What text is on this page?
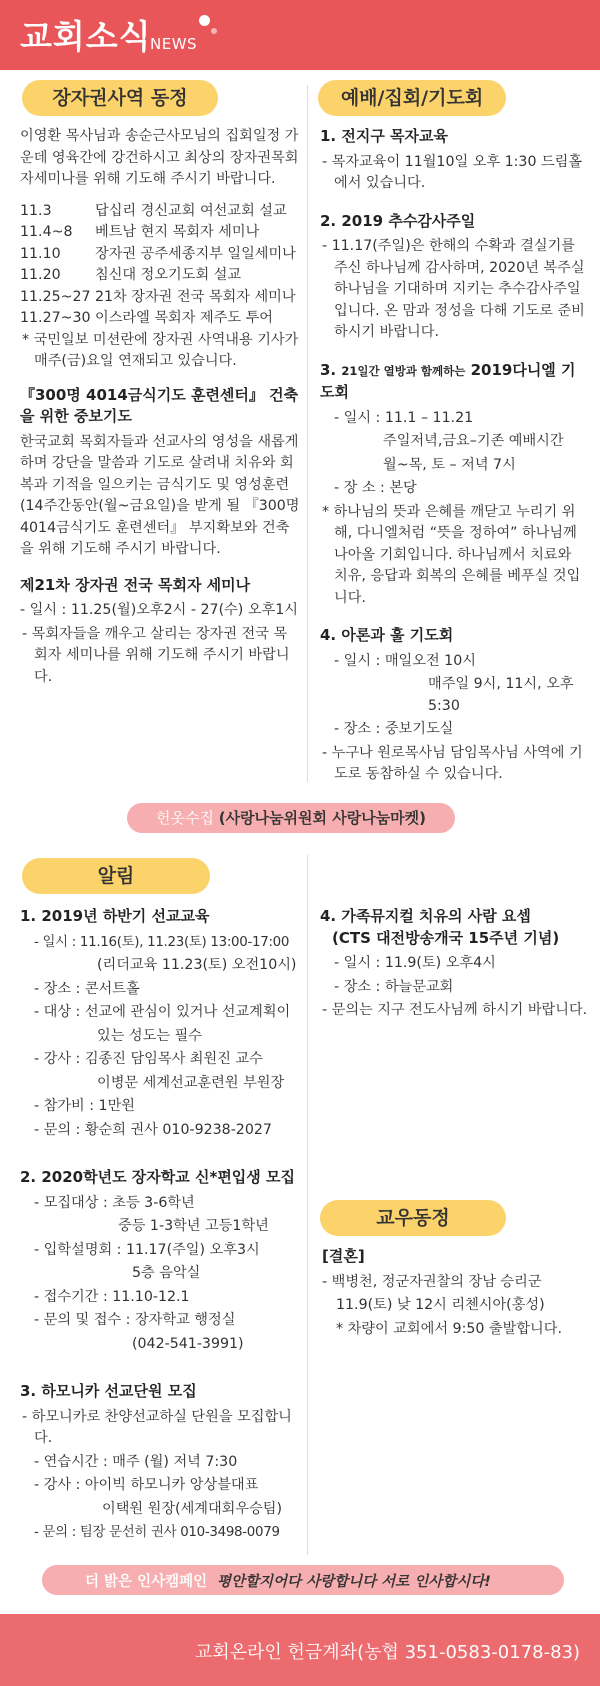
교회소식
NEWS
장자권사역 동정
이영환 목사님과 송순근사모님의 집회일정 가운데 영육간에 강건하시고 최상의 장자권목회자세미나를 위해 기도해 주시기 바랍니다.
11.3	답십리 경신교회 여선교회 설교
11.4~8	베트남 현지 목회자 세미나
11.10	장자권 공주세종지부 일일세미나
11.20	침신대 정오기도회 설교
11.25~27 21차 장자권 전국 목회자 세미나
11.27~30 이스라엘 목회자 제주도 투어
* 국민일보 미션란에 장자권 사역내용 기사가 매주(금)요일 연재되고 있습니다.
『300명 4014금식기도 훈련센터』 건축을 위한 중보기도
한국교회 목회자들과 선교사의 영성을 새롭게 하며 강단을 말씀과 기도로 살려내 치유와 회복과 기적을 일으키는 금식기도 및 영성훈련(14주간동안(월~금요일)을 받게 될 『300명 4014금식기도 훈련센터』 부지확보와 건축을 위해 기도해 주시기 바랍니다.
제21차 장자권 전국 목회자 세미나
- 일시 : 11.25(월)오후2시 - 27(수) 오후1시
- 목회자들을 깨우고 살리는 장자권 전국 목회자 세미나를 위해 기도해 주시기 바랍니다.
예배/집회/기도회
1. 전지구 목자교육
- 목자교육이 11월10일 오후 1:30 드림홀에서 있습니다.
2. 2019 추수감사주일
- 11.17(주일)은 한해의 수확과 결실기를 주신 하나님께 감사하며, 2020년 복주실 하나님을 기대하며 지키는 추수감사주일입니다. 온 맘과 정성을 다해 기도로 준비하시기 바랍니다.
3. 21일간 열방과 함께하는 2019다니엘 기도회
- 일시 : 11.1 – 11.21
주일저녁,금요–기존 예배시간
월~목, 토 – 저녁 7시
- 장 소 : 본당
* 하나님의 뜻과 은혜를 깨닫고 누리기 위해, 다니엘처럼 “뜻을 정하여” 하나님께 나아올 기회입니다. 하나님께서 치료와 치유, 응답과 회복의 은혜를 베푸실 것입니다.
4. 아론과 훌 기도회
- 일시 : 매일오전 10시
매주일 9시, 11시, 오후5:30
- 장소 : 중보기도실
- 누구나 원로목사님 담임목사님 사역에 기도로 동참하실 수 있습니다.
헌옷수집 (사랑나눔위원회 사랑나눔마켓)
알림
1. 2019년 하반기 선교교육
- 일시 : 11.16(토), 11.23(토) 13:00-17:00
(리더교육 11.23(토) 오전10시)
- 장소 : 콘서트홀
- 대상 : 선교에 관심이 있거나 선교계획이
있는 성도는 필수
- 강사 : 김종진 담임목사 최원진 교수
이병문 세계선교훈련원 부원장
- 참가비 : 1만원
- 문의 : 황순희 권사 010-9238-2027
2. 2020학년도 장자학교 신*편입생 모집
- 모집대상 : 초등 3-6학년
중등 1-3학년 고등1학년
- 입학설명회 : 11.17(주일) 오후3시
5층 음악실
- 접수기간 : 11.10-12.1
- 문의 및 접수 : 장자학교 행정실
(042-541-3991)
3. 하모니카 선교단원 모집
- 하모니카로 찬양선교하실 단원을 모집합니다.
- 연습시간 : 매주 (월) 저녁 7:30
- 강사 : 아이빅 하모니카 앙상블대표
이택원 원장(세계대회우승팀)
- 문의 : 팀장 문선히 권사 010-3498-0079
4. 가족뮤지컬 치유의 사람 요셉
(CTS 대전방송개국 15주년 기념)
- 일시 : 11.9(토) 오후4시
- 장소 : 하늘문교회
- 문의는 지구 전도사님께 하시기 바랍니다.
교우동정
[결혼]
- 백병천, 정군자권찰의 장남 승리군
11.9(토) 낮 12시 리첸시아(홍성)
* 차량이 교회에서 9:50 출발합니다.
더 밝은 인사캠페인 평안할지어다 사랑합니다 서로 인사합시다!
교회온라인 헌금계좌(농협 351-0583-0178-83)
